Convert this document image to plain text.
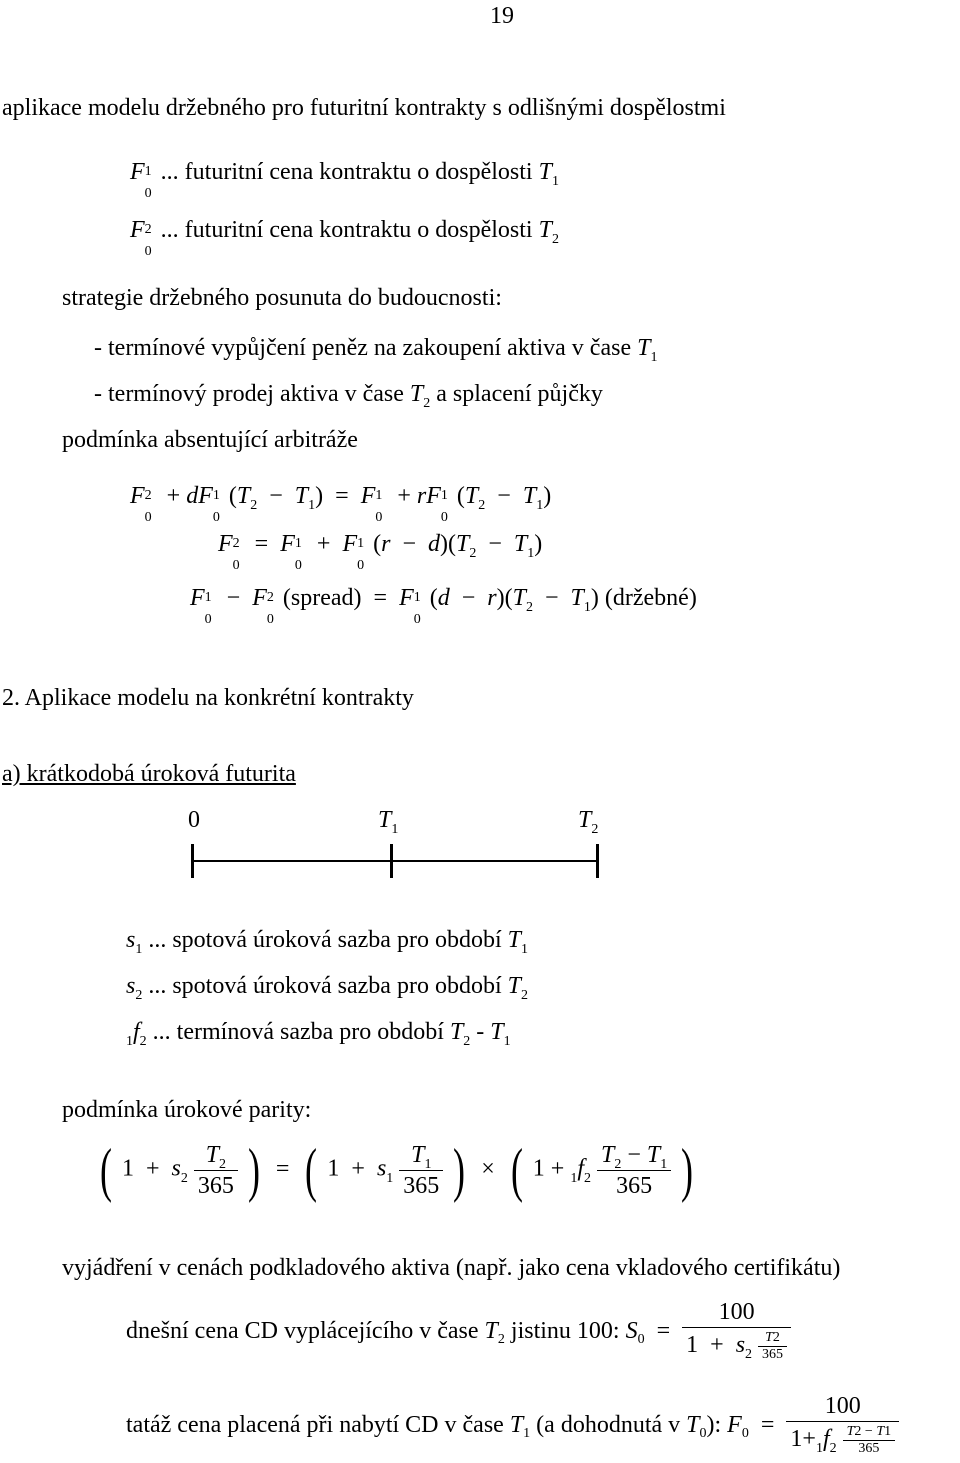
19
aplikace modelu držebného pro futuritní kontrakty s odlišnými dospělostmi
F 1
0
... futuritní cena kontraktu o dospělosti $T_1$
F 2
0
... futuritní cena kontraktu o dospělosti $T_2$
strategie držebného posunuta do budoucnosti:
- termínové vypůjčení peněz na zakoupení aktiva v čase $T_1$
- termínový prodej aktiva v čase $T_2$ a splacení půjčky
podmínka absentující arbitráže
F 2
0
+ dF 1
0
$(T_2 - T_1) = F$ 1
0
+ rF 1
0
$(T_2 - T_1)$
F 2
0
= F 1
0
+ F 1
0
$(r - d)(T_2 - T_1)$
F 1
0
− F 2
0
(spread) = F 1
0
$(d - r)(T_2 - T_1)$ (držebné)
2. Aplikace modelu na konkrétní kontrakty
a) krátkodobá úroková futurita
0	$T_1$	$T_2$
$s_1$ ... spotová úroková sazba pro období $T_1$
$s_2$ ... spotová úroková sazba pro období $T_2$
$_1f_2$ ... termínová sazba pro období $T_2 - T_1$
podmínka úrokové parity:
( $1 + s_2 \frac{T_2}{365}$ ) = ( $1 + s_1 \frac{T_1}{365}$ ) × ( $1 + _1f_2 \frac{T_2 - T_1}{365}$ )
vyjádření v cenách podkladového aktiva (např. jako cena vkladového certifikátu)
dnešní cena CD vyplácejícího v čase $T_2$ jistinu 100: $S_0 = \frac{100}{1 + s_2 \frac{T2}{365}}$
tatáž cena placená při nabytí CD v čase $T_1$ (a dohodnutá v $T_0$): $F_0 = \frac{100}{1+_1f_2 \frac{T2 - T1}{365}}$
